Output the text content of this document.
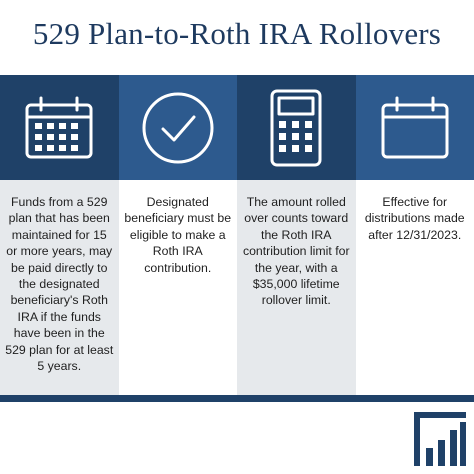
529 Plan-to-Roth IRA Rollovers
Funds from a 529 plan that has been maintained for 15 or more years, may be paid directly to the designated beneficiary's Roth IRA if the funds have been in the 529 plan for at least 5 years.
Designated beneficiary must be eligible to make a Roth IRA contribution.
The amount rolled over counts toward the Roth IRA contribution limit for the year, with a $35,000 lifetime rollover limit.
Effective for distributions made after 12/31/2023.
